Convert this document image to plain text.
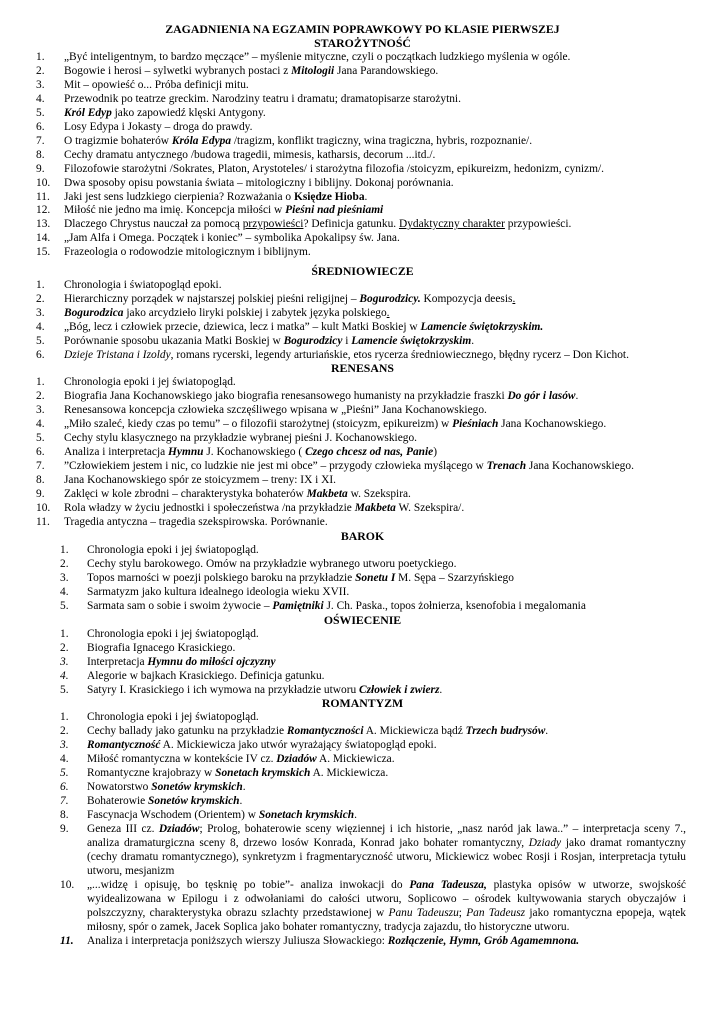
ZAGADNIENIA NA EGZAMIN POPRAWKOWY PO KLASIE PIERWSZEJ
STAROŻYTNOŚĆ
1. „Być inteligentnym, to bardzo męczące” – myślenie mityczne, czyli o początkach ludzkiego myślenia w ogóle.
2. Bogowie i herosi – sylwetki wybranych postaci z Mitologii Jana Parandowskiego.
3. Mit – opowieść o... Próba definicji mitu.
4. Przewodnik po teatrze greckim. Narodziny teatru i dramatu; dramatopisarze starożytni.
5. Król Edyp jako zapowiedź klęski Antygony.
6. Losy Edypa i Jokasty – droga do prawdy.
7. O tragizmie bohaterów Króla Edypa /tragizm, konflikt tragiczny, wina tragiczna, hybris, rozpoznanie/.
8. Cechy dramatu antycznego /budowa tragedii, mimesis, katharsis, decorum ...itd./.
9. Filozofowie starożytni /Sokrates, Platon, Arystoteles/ i starożytna filozofia /stoicyzm, epikureizm, hedonizm, cynizm/.
10. Dwa sposoby opisu powstania świata – mitologiczny i biblijny. Dokonaj porównania.
11. Jaki jest sens ludzkiego cierpienia? Rozważania o Księdze Hioba.
12. Miłość nie jedno ma imię. Koncepcja miłości w Pieśni nad pieśniami
13. Dlaczego Chrystus nauczał za pomocą przypowieści? Definicja gatunku. Dydaktyczny charakter przypowieści.
14. „Jam Alfa i Omega. Początek i koniec” – symbolika Apokalipsy św. Jana.
15. Frazeologia o rodowodzie mitologicznym i biblijnym.
ŚREDNIOWIECZE
1. Chronologia i światopogląd epoki.
2. Hierarchiczny porządek w najstarszej polskiej pieśni religijnej – Bogurodzicy. Kompozycja deesis.
3. Bogurodzica jako arcydzieło liryki polskiej i zabytek języka polskiego.
4. „Bóg, lecz i człowiek przecie, dziewica, lecz i matka” – kult Matki Boskiej w Lamencie świętokrzyskim.
5. Porównanie sposobu ukazania Matki Boskiej w Bogurodzicy i Lamencie świętokrzyskim.
6. Dzieje Tristana i Izoldy, romans rycerski, legendy arturiańskie, etos rycerza średniowiecznego, błędny rycerz – Don Kichot.
RENESANS
1. Chronologia epoki i jej światopogląd.
2. Biografia Jana Kochanowskiego jako biografia renesansowego humanisty na przykładzie fraszki Do gór i lasów.
3. Renesansowa koncepcja człowieka szczęśliwego wpisana w „Pieśni” Jana Kochanowskiego.
4. „Miło szaleć, kiedy czas po temu” – o filozofii starożytnej (stoicyzm, epikureizm) w Pieśniach Jana Kochanowskiego.
5. Cechy stylu klasycznego na przykładzie wybranej pieśni J. Kochanowskiego.
6. Analiza i interpretacja Hymnu J. Kochanowskiego ( Czego chcesz od nas, Panie)
7. ”Człowiekiem jestem i nic, co ludzkie nie jest mi obce” – przygody człowieka myślącego w Trenach Jana Kochanowskiego.
8. Jana Kochanowskiego spór ze stoicyzmem – treny: IX i XI.
9. Zaklęci w kole zbrodni – charakterystyka bohaterów Makbeta w. Szekspira.
10. Rola władzy w życiu jednostki i społeczeństwa /na przykładzie Makbeta W. Szekspira/.
11. Tragedia antyczna – tragedia szekspirowska. Porównanie.
BAROK
1. Chronologia epoki i jej światopogląd.
2. Cechy stylu barokowego. Omów na przykładzie wybranego utworu poetyckiego.
3. Topos marności w poezji polskiego baroku na przykładzie Sonetu I M. Sępa – Szarzyńskiego
4. Sarmatyzm jako kultura idealnego ideologia wieku XVII.
5. Sarmata sam o sobie i swoim żywocie – Pamiętniki J. Ch. Paska., topos żołnierza, ksenofobia i megalomania
OŚWIECENIE
1. Chronologia epoki i jej światopogląd.
2. Biografia Ignacego Krasickiego.
3. Interpretacja Hymnu do miłości ojczyzny
4. Alegorie w bajkach Krasickiego. Definicja gatunku.
5. Satyry I. Krasickiego i ich wymowa na przykładzie utworu Człowiek i zwierz.
ROMANTYZM
1. Chronologia epoki i jej światopogląd.
2. Cechy ballady jako gatunku na przykładzie Romantyczności A. Mickiewicza bądź Trzech budrysów.
3. Romantyczność A. Mickiewicza jako utwór wyrażający światopogląd epoki.
4. Miłość romantyczna w kontekście IV cz. Dziadów A. Mickiewicza.
5. Romantyczne krajobrazy w Sonetach krymskich A. Mickiewicza.
6. Nowatorstwo Sonetów krymskich.
7. Bohaterowie Sonetów krymskich.
8. Fascynacja Wschodem (Orientem) w Sonetach krymskich.
9. Geneza III cz. Dziadów; Prolog, bohaterowie sceny więziennej i ich historie, „nasz naród jak lawa..” – interpretacja sceny 7., analiza dramaturgiczna sceny 8, drzewo losów Konrada, Konrad jako bohater romantyczny, Dziady jako dramat romantyczny (cechy dramatu romantycznego), synkretyzm i fragmentaryczność utworu, Mickiewicz wobec Rosji i Rosjan, interpretacja tytułu utworu, mesjanizm
10. „...widzę i opisuję, bo tęsknię po tobie”- analiza inwokacji do Pana Tadeusza, plastyka opisów w utworze, swojskość wyidealizowana w Epilogu i z odwołaniami do całości utworu, Soplicowo – ośrodek kultywowania starych obyczajów i polszczyzny, charakterystyka obrazu szlachty przedstawionej w Panu Tadeuszu; Pan Tadeusz jako romantyczna epopeja, wątek miłosny, spór o zamek, Jacek Soplica jako bohater romantyczny, tradycja zajazdu, tło historyczne utworu.
11. Analiza i interpretacja poniższych wierszy Juliusza Słowackiego: Rozłączenie, Hymn, Grób Agamemnona.
